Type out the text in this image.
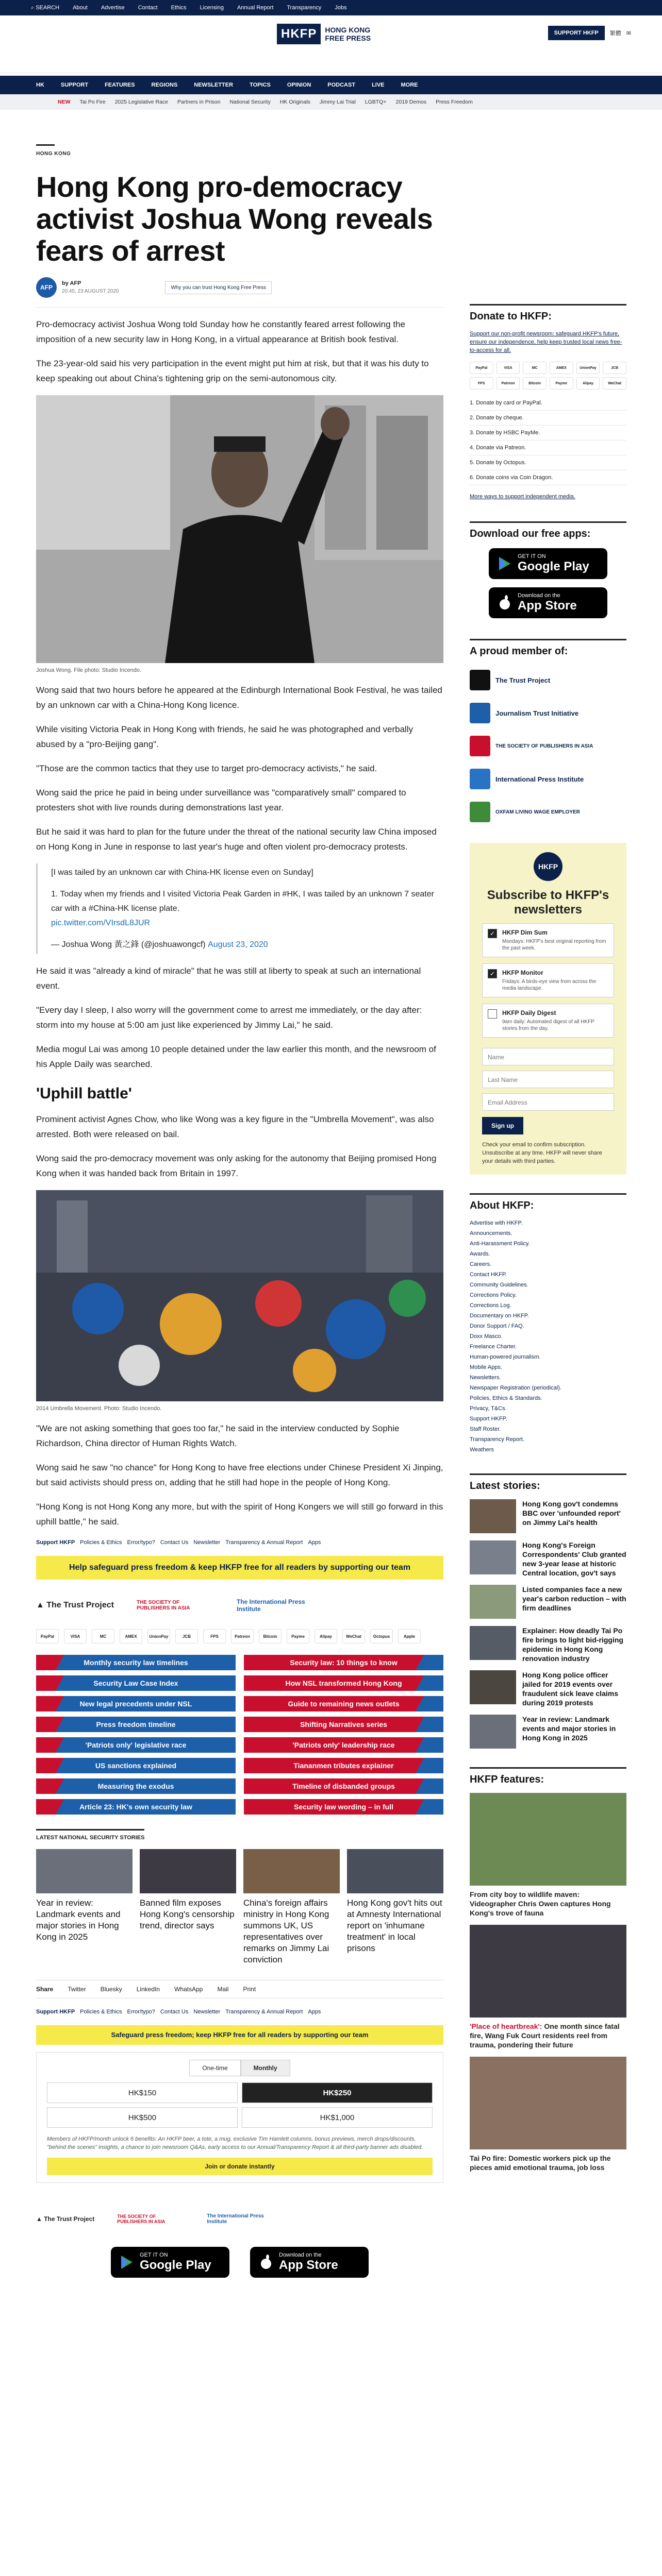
⌕ SEARCH About Advertise Contact Ethics Licensing Annual Report Transparency Jobs
HKFP	HONG KONG
FREE PRESS
SUPPORT HKFP	繁體 ✉
HK	SUPPORT	FEATURES	REGIONS	NEWSLETTER	TOPICS	OPINION	PODCAST	LIVE	MORE
NEW Tai Po Fire 2025 Legislative Race Partners in Prison National Security HK Originals Jimmy Lai Trial LGBTQ+ 2019 Demos Press Freedom
HONG KONG
Hong Kong pro-democracy activist Joshua Wong reveals fears of arrest
AFP
by AFP
20:45, 23 AUGUST 2020
Why you can trust Hong Kong Free Press

Pro-democracy activist Joshua Wong told Sunday how he constantly feared arrest following the imposition of a new security law in Hong Kong, in a virtual appearance at British book festival.

The 23-year-old said his very participation in the event might put him at risk, but that it was his duty to keep speaking out about China's tightening grip on the semi-autonomous city.

Joshua Wong. File photo: Studio Incendo.

Wong said that two hours before he appeared at the Edinburgh International Book Festival, he was tailed by an unknown car with a China-Hong Kong licence.

While visiting Victoria Peak in Hong Kong with friends, he said he was photographed and verbally abused by a "pro-Beijing gang".

"Those are the common tactics that they use to target pro-democracy activists," he said.

Wong said the price he paid in being under surveillance was "comparatively small" compared to protesters shot with live rounds during demonstrations last year.

But he said it was hard to plan for the future under the threat of the national security law China imposed on Hong Kong in June in response to last year's huge and often violent pro-democracy protests.

[I was tailed by an unknown car with China-HK license even on Sunday]
1. Today when my friends and I visited Victoria Peak Garden in #HK, I was tailed by an unknown 7 seater car with a #China-HK license plate.
pic.twitter.com/VIrsdL8JUR
— Joshua Wong 黃之鋒 (@joshuawongcf) August 23, 2020

He said it was "already a kind of miracle" that he was still at liberty to speak at such an international event.

"Every day I sleep, I also worry will the government come to arrest me immediately, or the day after: storm into my house at 5:00 am just like experienced by Jimmy Lai," he said.

Media mogul Lai was among 10 people detained under the law earlier this month, and the newsroom of his Apple Daily was searched.

'Uphill battle'

Prominent activist Agnes Chow, who like Wong was a key figure in the "Umbrella Movement", was also arrested. Both were released on bail.

Wong said the pro-democracy movement was only asking for the autonomy that Beijing promised Hong Kong when it was handed back from Britain in 1997.

2014 Umbrella Movement. Photo: Studio Incendo.

"We are not asking something that goes too far," he said in the interview conducted by Sophie Richardson, China director of Human Rights Watch.

Wong said he saw "no chance" for Hong Kong to have free elections under Chinese President Xi Jinping, but said activists should press on, adding that he still had hope in the people of Hong Kong.

"Hong Kong is not Hong Kong any more, but with the spirit of Hong Kongers we will still go forward in this uphill battle," he said.

Support HKFP Policies & Ethics Error/typo? Contact Us Newsletter Transparency & Annual Report Apps
Help safeguard press freedom & keep HKFP free for all readers by supporting our team
▲ The Trust Project	THE SOCIETY OF PUBLISHERS IN ASIA
The International Press Institute
PayPal	VISA	MC	AMEX	UnionPay	JCB	FPS	Patreon	Bitcoin	Payme	Alipay	WeChat	Octopus	Apple
Monthly security law timelines	Security law: 10 things to know
Security Law Case Index	How NSL transformed Hong Kong
New legal precedents under NSL	Guide to remaining news outlets
Press freedom timeline	Shifting Narratives series
'Patriots only' legislative race	'Patriots only' leadership race
US sanctions explained	Tiananmen tributes explainer
Measuring the exodus	Timeline of disbanded groups
Article 23: HK's own security law	Security law wording – in full
LATEST NATIONAL SECURITY STORIES
Year in review: Landmark events and major stories in Hong Kong in 2025
Banned film exposes Hong Kong's censorship trend, director says
China's foreign affairs ministry in Hong Kong summons UK, US representatives over remarks on Jimmy Lai conviction
Hong Kong gov't hits out at Amnesty International report on 'inhumane treatment' in local prisons
Share Twitter Bluesky LinkedIn WhatsApp Mail Print
Support HKFP Policies & Ethics Error/typo? Contact Us Newsletter Transparency & Annual Report Apps
Safeguard press freedom; keep HKFP free for all readers by supporting our team
One-time	Monthly
HK$150	HK$250
HK$500	HK$1,000
Members of HKFP/month unlock 6 benefits: An HKFP beer, a tote, a mug, exclusive Tim Hamlett columns, bonus previews, merch drops/discounts, "behind the scenes" insights, a chance to join newsroom Q&As, early access to our Annual/Transparency Report & all third-party banner ads disabled.
Join or donate instantly
▲ The Trust Project	THE SOCIETY OF PUBLISHERS IN ASIA
The International Press Institute
GET IT ON
Google Play
Download on the
App Store
Donate to HKFP:
Support our non-profit newsroom: safeguard HKFP's future, ensure our independence, help keep trusted local news free-to-access for all.
PayPal	VISA	MC	AMEX	UnionPay	JCB
FPS	Patreon	Bitcoin	Payme	Alipay	WeChat
1. Donate by card or PayPal.
2. Donate by cheque.
3. Donate by HSBC PayMe.
4. Donate via Patreon.
5. Donate by Octopus.
6. Donate coins via Coin Dragon.
More ways to support independent media.
Download our free apps:
GET IT ON
Google Play
Download on the
App Store
A proud member of:
The Trust Project
Journalism Trust Initiative
THE SOCIETY OF PUBLISHERS IN ASIA
International Press Institute
OXFAM LIVING WAGE EMPLOYER
HKFP
Subscribe to HKFP's newsletters
✓	HKFP Dim Sum
Mondays: HKFP's best original reporting from the past week.
✓	HKFP Monitor
Fridays: A birds-eye view from across the media landscape.
HKFP Daily Digest
9am daily: Automated digest of all HKFP stories from the day.
Name
Last Name
Email Address
Sign up
Check your email to confirm subscription. Unsubscribe at any time. HKFP will never share your details with third parties.
About HKFP:
Advertise with HKFP.
Announcements.
Anti-Harassment Policy.
Awards.
Careers.
Contact HKFP.
Community Guidelines.
Corrections Policy.
Corrections Log.
Documentary on HKFP.
Donor Support / FAQ.
Doxx Masco.
Freelance Charter.
Human-powered journalism.
Mobile Apps.
Newsletters.
Newspaper Registration (periodical).
Policies, Ethics & Standards.
Privacy, T&Cs.
Support HKFP.
Staff Roster.
Transparency Report.
Weathers
Latest stories:
Hong Kong gov't condemns BBC over 'unfounded report' on Jimmy Lai's health
Hong Kong's Foreign Correspondents' Club granted new 3-year lease at historic Central location, gov't says
Listed companies face a new year's carbon reduction – with firm deadlines
Explainer: How deadly Tai Po fire brings to light bid-rigging epidemic in Hong Kong renovation industry
Hong Kong police officer jailed for 2019 events over fraudulent sick leave claims during 2019 protests
Year in review: Landmark events and major stories in Hong Kong in 2025
HKFP features:
From city boy to wildlife maven: Videographer Chris Owen captures Hong Kong's trove of fauna
'Place of heartbreak': One month since fatal fire, Wang Fuk Court residents reel from trauma, pondering their future
Tai Po fire: Domestic workers pick up the pieces amid emotional trauma, job loss
